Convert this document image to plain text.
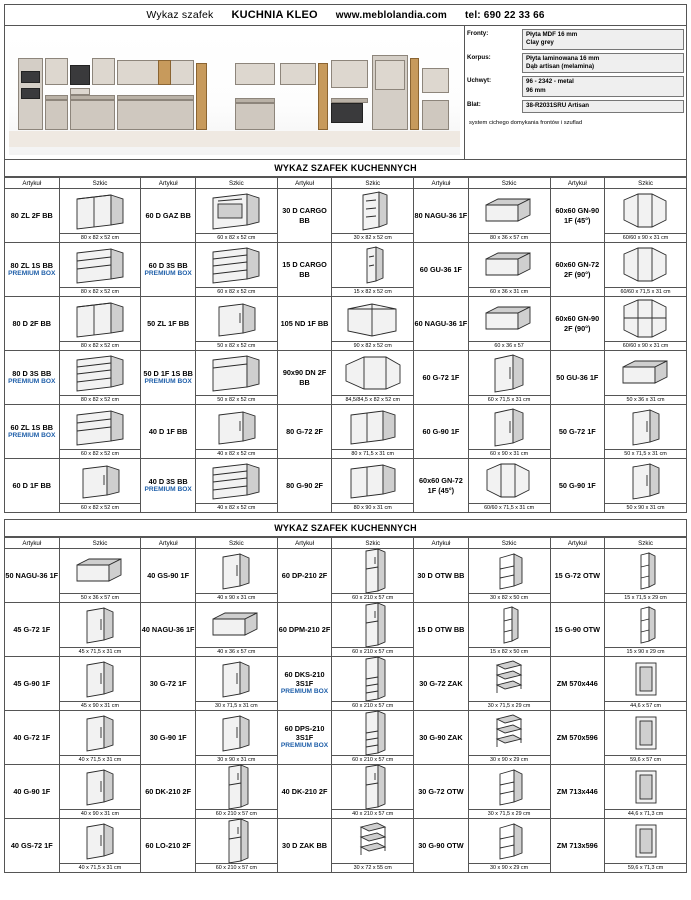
Wykaz szafek KUCHNIA KLEO www.meblolandia.com tel: 690 22 33 66
Fronty:	Płyta MDF 16 mm
Clay grey
Korpus:	Płyta laminowana 16 mm
Dąb artisan (melamina)
Uchwyt:	96 - 2342 - metal
96 mm
Blat:	38-R2031SRU Artisan
system cichego domykania frontów i szuflad
WYKAZ SZAFEK KUCHENNYCH
Artykuł	Szkic	Artykuł	Szkic	Artykuł	Szkic	Artykuł	Szkic	Artykuł	Szkic

80 ZL 2F BB	80 x 82 x 52 cm	60 D GAZ BB	60 x 82 x 52 cm	30 D CARGO BB	30 x 82 x 52 cm	80 NAGU-36 1F	80 x 36 x 57 cm	60x60 GN-90 1F (45°)	60/60 x 90 x 31 cm

80 ZL 1S BB
PREMIUM BOX	80 x 82 x 52 cm	60 D 3S BB
PREMIUM BOX	60 x 82 x 52 cm	15 D CARGO BB	15 x 82 x 52 cm	60 GU-36 1F	60 x 36 x 31 cm	60x60 GN-72 2F (90°)	60/60 x 71,5 x 31 cm

80 D 2F BB	80 x 82 x 52 cm	50 ZL 1F BB	50 x 82 x 52 cm	105 ND 1F BB	90 x 82 x 52 cm	60 NAGU-36 1F	60 x 36 x 57	60x60 GN-90 2F (90°)	60/60 x 90 x 31 cm

80 D 3S BB
PREMIUM BOX	80 x 82 x 52 cm	50 D 1F 1S BB
PREMIUM BOX	50 x 82 x 52 cm	90x90 DN 2F BB	84,5/84,5 x 82 x 52 cm	60 G-72 1F	60 x 71,5 x 31 cm	50 GU-36 1F	50 x 36 x 31 cm

60 ZL 1S BB
PREMIUM BOX	60 x 82 x 52 cm	40 D 1F BB	40 x 82 x 52 cm	80 G-72 2F	80 x 71,5 x 31 cm	60 G-90 1F	60 x 90 x 31 cm	50 G-72 1F	50 x 71,5 x 31 cm

60 D 1F BB	60 x 82 x 52 cm	40 D 3S BB
PREMIUM BOX	40 x 82 x 52 cm	80 G-90 2F	80 x 90 x 31 cm	60x60 GN-72 1F (45°)	60/60 x 71,5 x 31 cm	50 G-90 1F	50 x 90 x 31 cm
WYKAZ SZAFEK KUCHENNYCH
Artykuł	Szkic	Artykuł	Szkic	Artykuł	Szkic	Artykuł	Szkic	Artykuł	Szkic

50 NAGU-36 1F	50 x 36 x 57 cm	40 GS-90 1F	40 x 90 x 31 cm	60 DP-210 2F	60 x 210 x 57 cm	30 D OTW BB	30 x 82 x 50 cm	15 G-72 OTW	15 x 71,5 x 29 cm

45 G-72 1F	45 x 71,5 x 31 cm	40 NAGU-36 1F	40 x 36 x 57 cm	60 DPM-210 2F	60 x 210 x 57 cm	15 D OTW BB	15 x 82 x 50 cm	15 G-90 OTW	15 x 90 x 29 cm

45 G-90 1F	45 x 90 x 31 cm	30 G-72 1F	30 x 71,5 x 31 cm	60 DKS-210 3S1F
PREMIUM BOX	60 x 210 x 57 cm	30 G-72 ZAK	30 x 71,5 x 29 cm	ZM 570x446	44,6 x 57 cm

40 G-72 1F	40 x 71,5 x 31 cm	30 G-90 1F	30 x 90 x 31 cm	60 DPS-210 3S1F
PREMIUM BOX	60 x 210 x 57 cm	30 G-90 ZAK	30 x 90 x 29 cm	ZM 570x596	59,6 x 57 cm

40 G-90 1F	40 x 90 x 31 cm	60 DK-210 2F	60 x 210 x 57 cm	40 DK-210 2F	40 x 210 x 57 cm	30 G-72 OTW	30 x 71,5 x 29 cm	ZM 713x446	44,6 x 71,3 cm

40 GS-72 1F	40 x 71,5 x 31 cm	60 LO-210 2F	60 x 210 x 57 cm	30 D ZAK BB	30 x 72 x 55 cm	30 G-90 OTW	30 x 90 x 29 cm	ZM 713x596	59,6 x 71,3 cm
